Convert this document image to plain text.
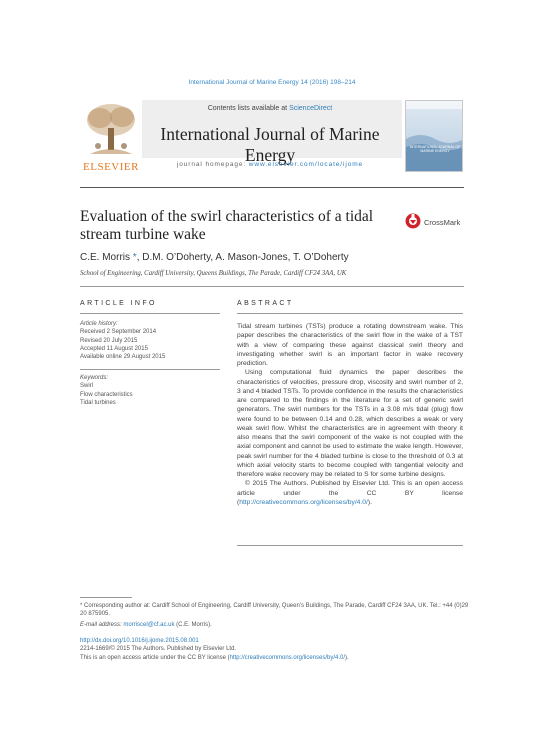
International Journal of Marine Energy 14 (2016) 198–214
ELSEVIER
Contents lists available at ScienceDirect
International Journal of Marine Energy
journal homepage: www.elsevier.com/locate/ijome
INTERNATIONAL JOURNAL OF MARINE ENERGY
Evaluation of the swirl characteristics of a tidal stream turbine wake
CrossMark
C.E. Morris *, D.M. O’Doherty, A. Mason-Jones, T. O’Doherty
School of Engineering, Cardiff University, Queens Buildings, The Parade, Cardiff CF24 3AA, UK
ARTICLE INFO	ABSTRACT
Article history:
Received 2 September 2014
Revised 20 July 2015
Accepted 11 August 2015
Available online 29 August 2015
Keywords:
Swirl
Flow characteristics
Tidal turbines

Tidal stream turbines (TSTs) produce a rotating downstream wake. This paper describes the characteristics of the swirl flow in the wake of a TST with a view of comparing these against classical swirl theory and investigating whether swirl is an important factor in wake recovery prediction.

Using computational fluid dynamics the paper describes the characteristics of velocities, pressure drop, viscosity and swirl number of 2, 3 and 4 bladed TSTs. To provide confidence in the results the characteristics are compared to the findings in the literature for a set of generic swirl generators. The swirl numbers for the TSTs in a 3.08 m/s tidal (plug) flow were found to be between 0.14 and 0.28, which describes a weak or very weak swirl flow. Whilst the characteristics are in agreement with theory it also means that the swirl component of the wake is not coupled with the axial component and cannot be used to estimate the wake length. However, peak swirl number for the 4 bladed turbine is close to the threshold of 0.3 at which axial velocity starts to become coupled with tangential velocity and therefore wake recovery may be related to S for some turbine designs.

© 2015 The Authors. Published by Elsevier Ltd. This is an open access article under the CC BY license (http://creativecommons.org/licenses/by/4.0/).

* Corresponding author at: Cardiff School of Engineering, Cardiff University, Queen’s Buildings, The Parade, Cardiff CF24 3AA, UK. Tel.: +44 (0)29 20 875905.
E-mail address: morriscel@cf.ac.uk (C.E. Morris).
http://dx.doi.org/10.1016/j.ijome.2015.08.001
2214-1669/© 2015 The Authors. Published by Elsevier Ltd.
This is an open access article under the CC BY license (http://creativecommons.org/licenses/by/4.0/).
